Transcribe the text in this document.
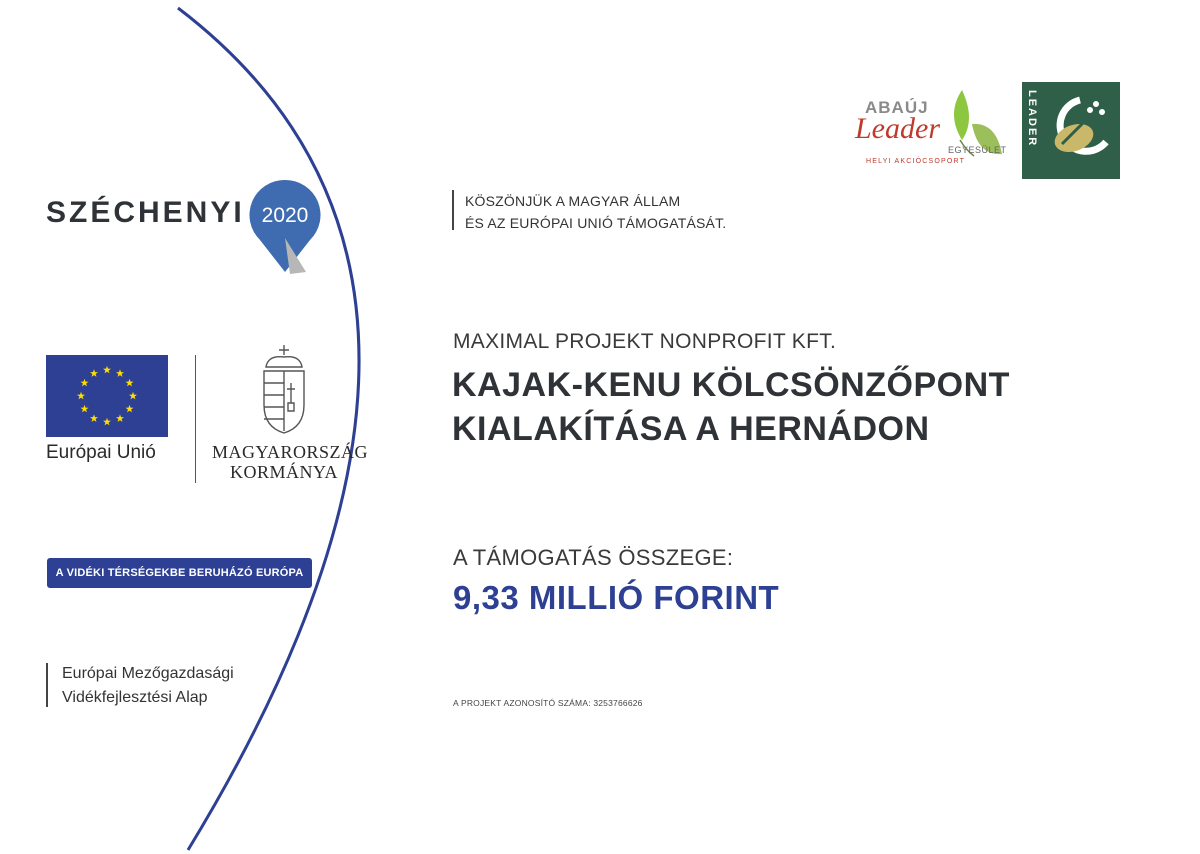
SZÉCHENYI 2020
Európai Unió	MAGYARORSZÁG
KORMÁNYA
A VIDÉKI TÉRSÉGEKBE BERUHÁZÓ EURÓPA
Európai Mezőgazdasági
Vidékfejlesztési Alap
KÖSZÖNJÜK A MAGYAR ÁLLAM
ÉS AZ EURÓPAI UNIÓ TÁMOGATÁSÁT.
MAXIMAL PROJEKT NONPROFIT KFT.
KAJAK-KENU KÖLCSÖNZŐPONT
KIALAKÍTÁSA A HERNÁDON
A TÁMOGATÁS ÖSSZEGE:
9,33 MILLIÓ FORINT
A PROJEKT AZONOSÍTÓ SZÁMA: 3253766626
ABAÚJ
Leader
EGYESÜLET
HELYI AKCIÓCSOPORT
LEADER
